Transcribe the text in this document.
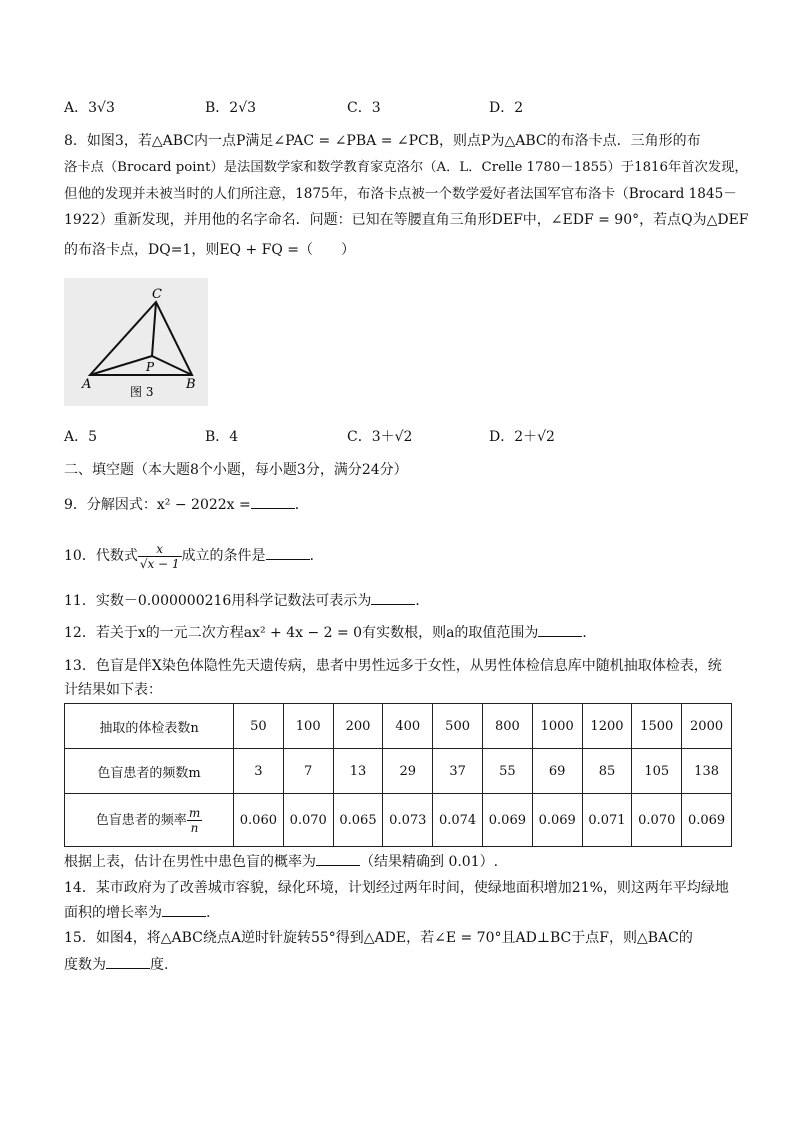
A．3√3	B．2√3	C．3	D．2
8．如图3，若△ABC内一点P满足∠PAC = ∠PBA = ∠PCB，则点P为△ABC的布洛卡点．三角形的布
洛卡点（Brocard point）是法国数学家和数学教育家克洛尔（A．L．Crelle 1780－1855）于1816年首次发现，
但他的发现并未被当时的人们所注意，1875年，布洛卡点被一个数学爱好者法国军官布洛卡（Brocard 1845－
1922）重新发现，并用他的名字命名．问题：已知在等腰直角三角形DEF中，∠EDF = 90°，若点Q为△DEF
的布洛卡点，DQ=1，则EQ + FQ =（　　）
C
A	B
P
图 3
A．5	B．4	C．3＋√2	D．2＋√2
二、填空题（本大题8个小题，每小题3分，满分24分）
9．分解因式：x² − 2022x =	．
10．代数式 $\frac{x}{√x - 1}$ 成立的条件是	．
11．实数－0.000000216用科学记数法可表示为	．
12．若关于x的一元二次方程ax² + 4x − 2 = 0有实数根，则a的取值范围为	．
13．色盲是伴X染色体隐性先天遗传病，患者中男性远多于女性，从男性体检信息库中随机抽取体检表，统
计结果如下表：
抽取的体检表数n	50	100	200	400	500	800	1000	1200	1500	2000
色盲患者的频数m	3	7	13	29	37	55	69	85	105	138
色盲患者的频率 $\frac{m}{n}$	0.060	0.070	0.065	0.073	0.074	0.069	0.069	0.071	0.070	0.069
根据上表，估计在男性中患色盲的概率为	（结果精确到 0.01）.
14．某市政府为了改善城市容貌，绿化环境，计划经过两年时间，使绿地面积增加21%，则这两年平均绿地
面积的增长率为	.
15．如图4，将△ABC绕点A逆时针旋转55°得到△ADE，若∠E = 70°且AD⊥BC于点F，则△BAC的
度数为	度.
